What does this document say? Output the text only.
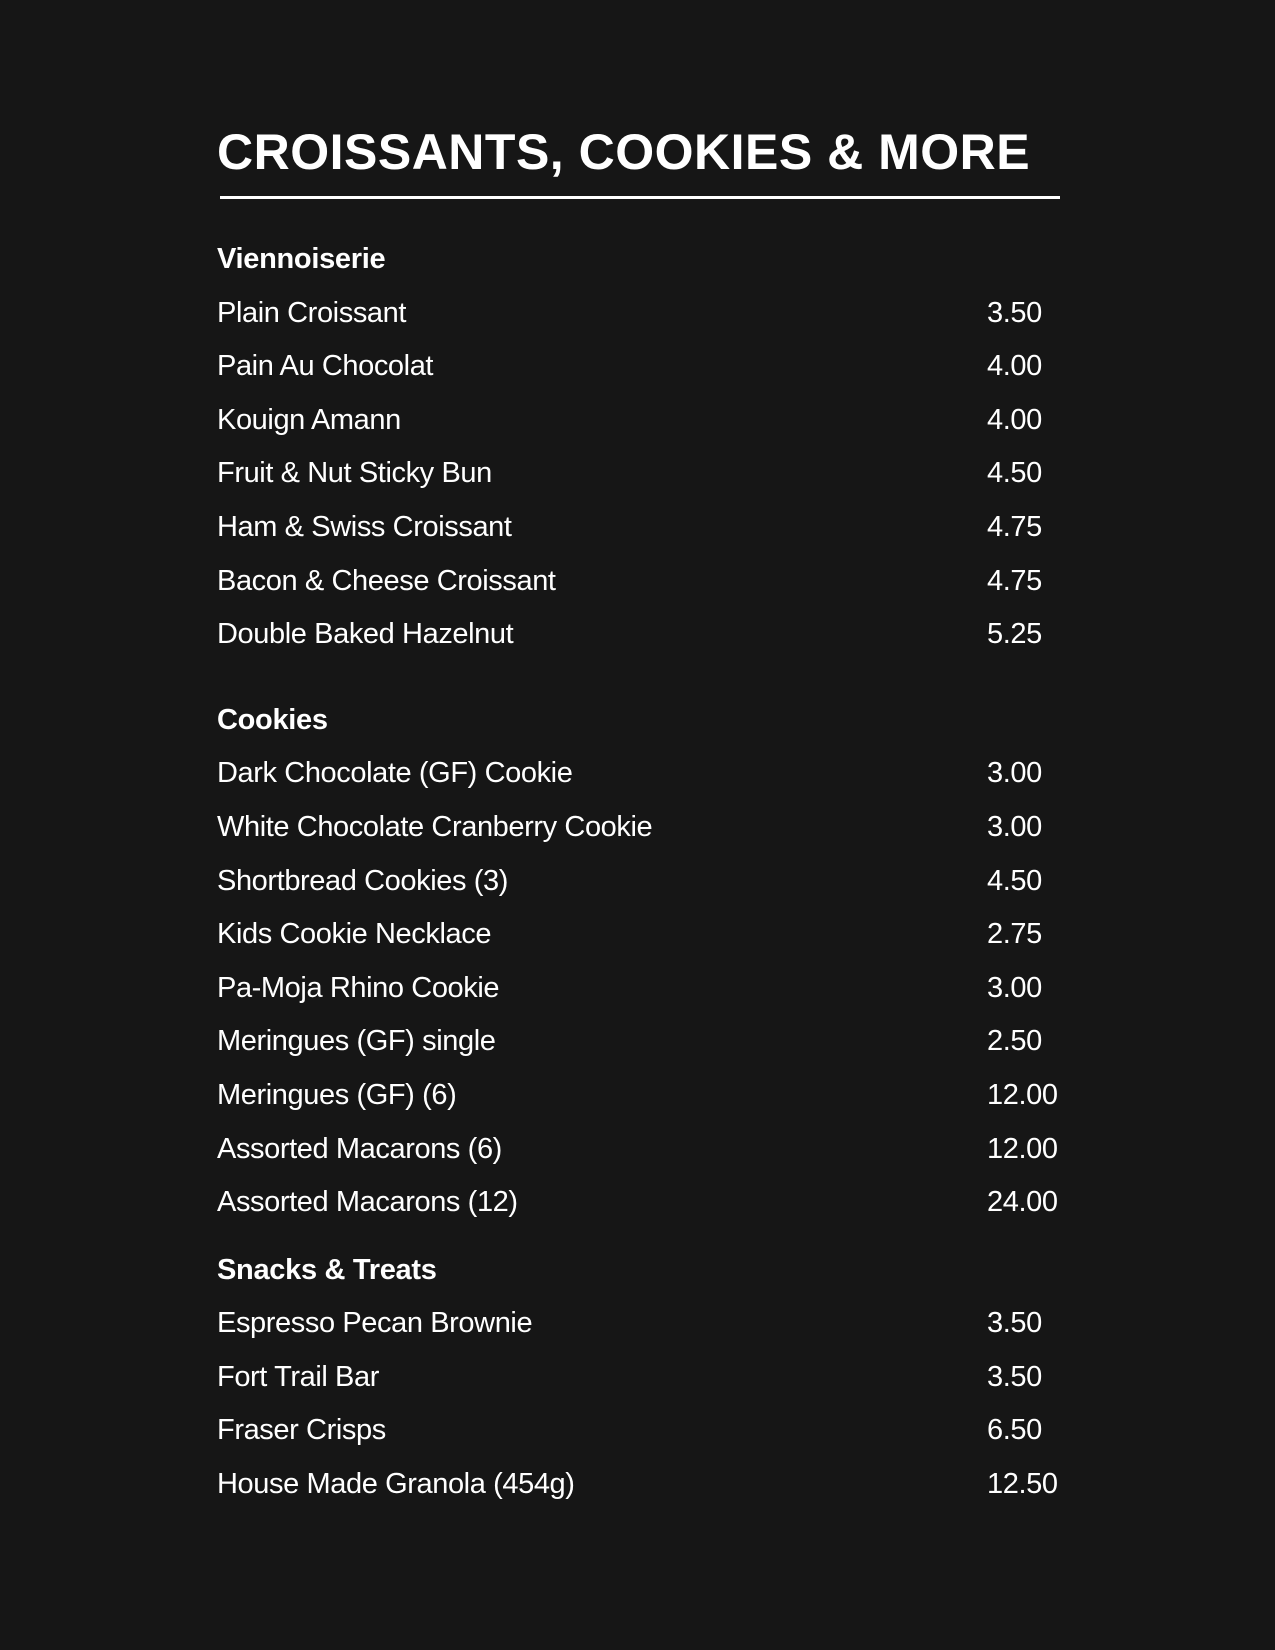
CROISSANTS, COOKIES & MORE
Viennoiserie
Plain Croissant	3.50
Pain Au Chocolat	4.00
Kouign Amann	4.00
Fruit & Nut Sticky Bun	4.50
Ham & Swiss Croissant	4.75
Bacon & Cheese Croissant	4.75
Double Baked Hazelnut	5.25
Cookies
Dark Chocolate (GF) Cookie	3.00
White Chocolate Cranberry Cookie	3.00
Shortbread Cookies (3)	4.50
Kids Cookie Necklace	2.75
Pa-Moja Rhino Cookie	3.00
Meringues (GF) single	2.50
Meringues (GF) (6)	12.00
Assorted Macarons (6)	12.00
Assorted Macarons (12)	24.00
Snacks & Treats
Espresso Pecan Brownie	3.50
Fort Trail Bar	3.50
Fraser Crisps	6.50
House Made Granola (454g)	12.50
